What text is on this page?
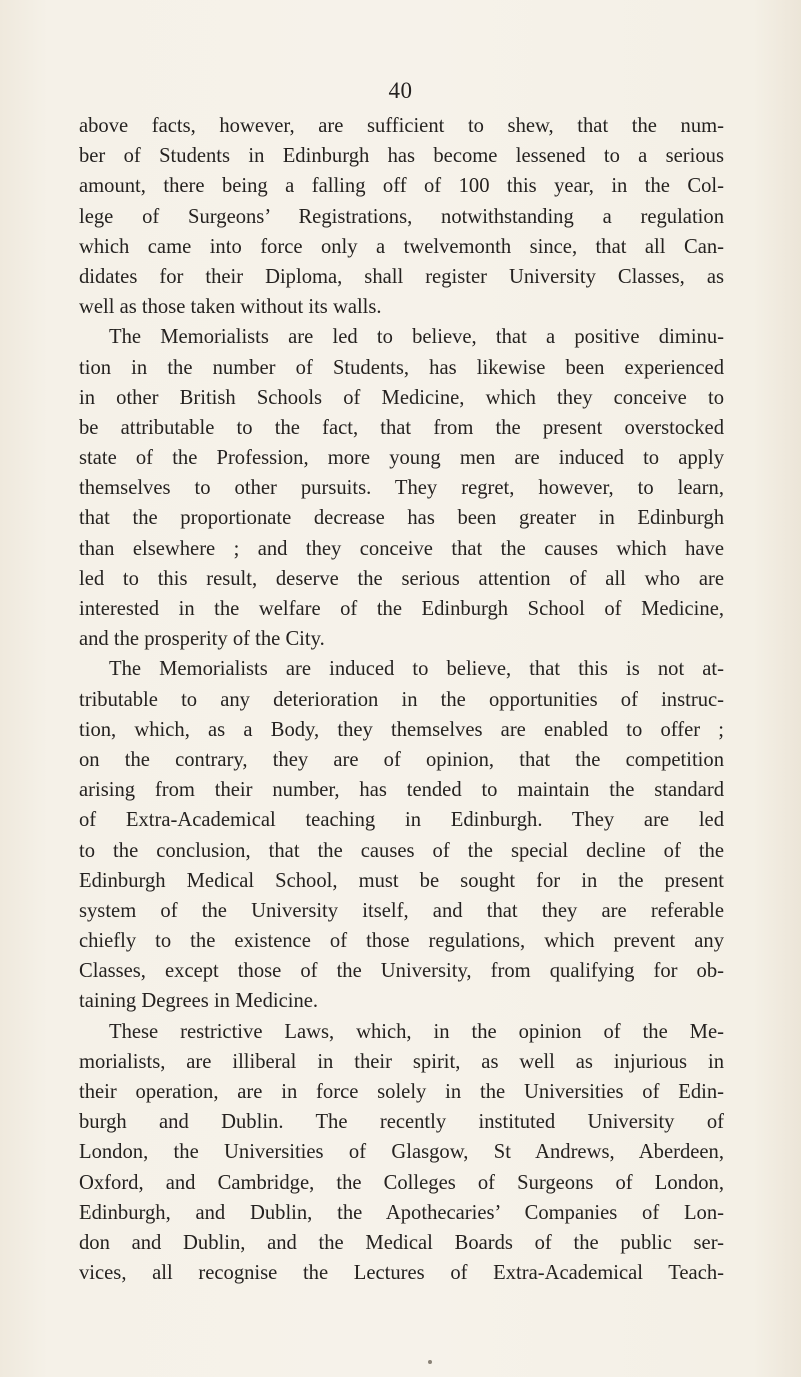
40
above facts, however, are sufficient to shew, that the num-
ber of Students in Edinburgh has become lessened to a serious
amount, there being a falling off of 100 this year, in the Col-
lege of Surgeons’ Registrations, notwithstanding a regulation
which came into force only a twelvemonth since, that all Can-
didates for their Diploma, shall register University Classes, as
well as those taken without its walls.
The Memorialists are led to believe, that a positive diminu-
tion in the number of Students, has likewise been experienced
in other British Schools of Medicine, which they conceive to
be attributable to the fact, that from the present overstocked
state of the Profession, more young men are induced to apply
themselves to other pursuits. They regret, however, to learn,
that the proportionate decrease has been greater in Edinburgh
than elsewhere ; and they conceive that the causes which have
led to this result, deserve the serious attention of all who are
interested in the welfare of the Edinburgh School of Medicine,
and the prosperity of the City.
The Memorialists are induced to believe, that this is not at-
tributable to any deterioration in the opportunities of instruc-
tion, which, as a Body, they themselves are enabled to offer ;
on the contrary, they are of opinion, that the competition
arising from their number, has tended to maintain the standard
of Extra-Academical teaching in Edinburgh. They are led
to the conclusion, that the causes of the special decline of the
Edinburgh Medical School, must be sought for in the present
system of the University itself, and that they are referable
chiefly to the existence of those regulations, which prevent any
Classes, except those of the University, from qualifying for ob-
taining Degrees in Medicine.
These restrictive Laws, which, in the opinion of the Me-
morialists, are illiberal in their spirit, as well as injurious in
their operation, are in force solely in the Universities of Edin-
burgh and Dublin. The recently instituted University of
London, the Universities of Glasgow, St Andrews, Aberdeen,
Oxford, and Cambridge, the Colleges of Surgeons of London,
Edinburgh, and Dublin, the Apothecaries’ Companies of Lon-
don and Dublin, and the Medical Boards of the public ser-
vices, all recognise the Lectures of Extra-Academical Teach-
